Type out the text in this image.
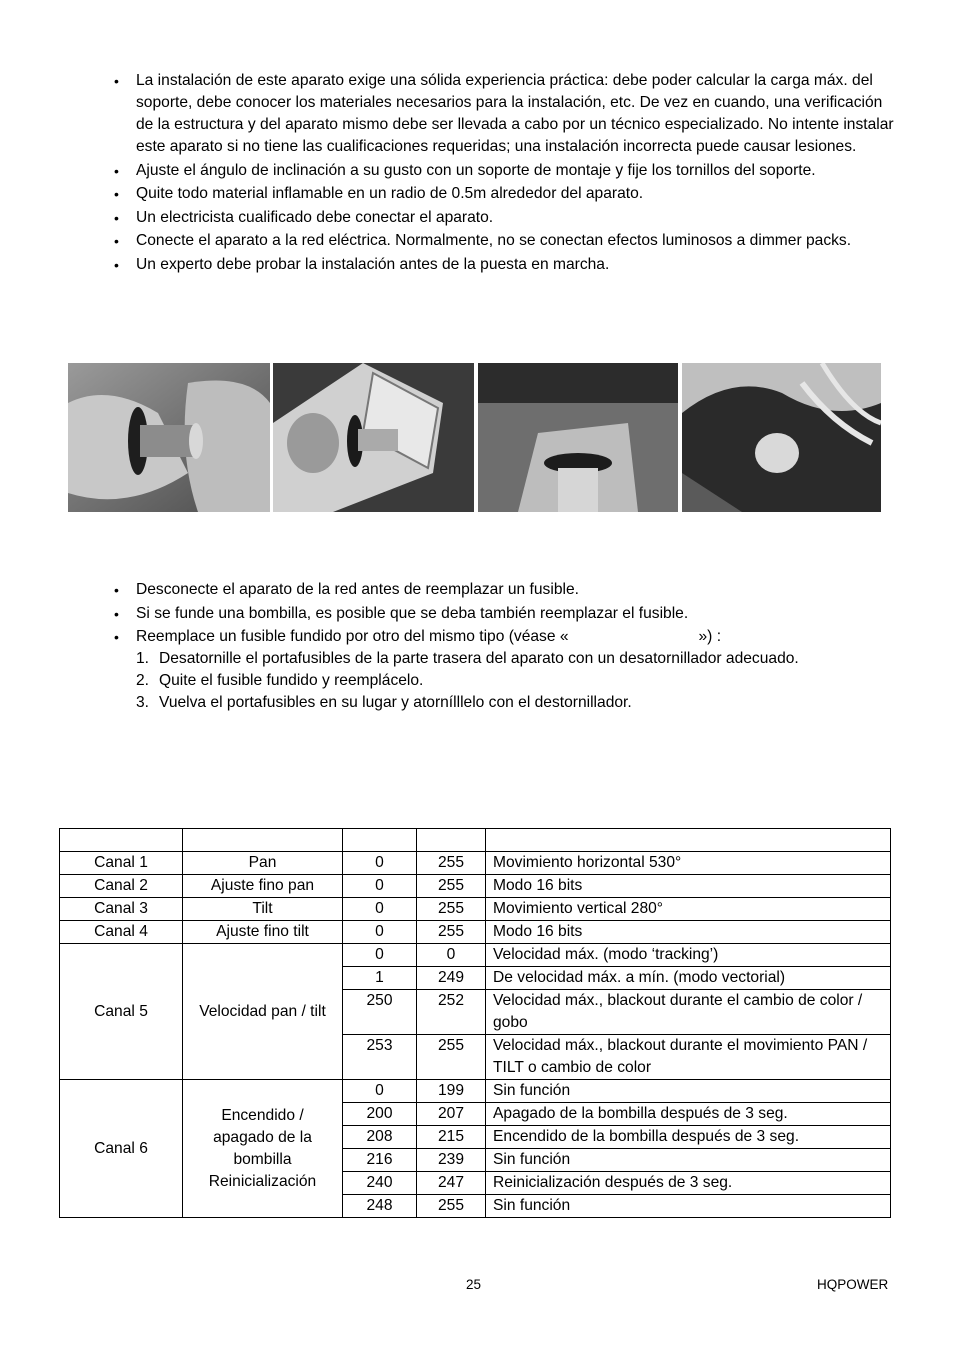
• La instalación de este aparato exige una sólida experiencia práctica: debe poder calcular la carga máx. del soporte, debe conocer los materiales necesarios para la instalación, etc. De vez en cuando, una verificación de la estructura y del aparato mismo debe ser llevada a cabo por un técnico especializado. No intente instalar este aparato si no tiene las cualificaciones requeridas; una instalación incorrecta puede causar lesiones.
• Ajuste el ángulo de inclinación a su gusto con un soporte de montaje y fije los tornillos del soporte.
• Quite todo material inflamable en un radio de 0.5m alrededor del aparato.
• Un electricista cualificado debe conectar el aparato.
• Conecte el aparato a la red eléctrica. Normalmente, no se conectan efectos luminosos a dimmer packs.
• Un experto debe probar la instalación antes de la puesta en marcha.
• Desconecte el aparato de la red antes de reemplazar un fusible.
• Si se funde una bombilla, es posible que se deba también reemplazar el fusible.
• Reemplace un fusible fundido por otro del mismo tipo (véase «                              ») :
1. Desatornille el portafusibles de la parte trasera del aparato con un desatornillador adecuado.
2. Quite el fusible fundido y reemplácelo.
3. Vuelva el portafusibles en su lugar y atornílllelo con el destornillador.

Canal 1	Pan	0	255	Movimiento horizontal 530°
Canal 2	Ajuste fino pan	0	255	Modo 16 bits
Canal 3	Tilt	0	255	Movimiento vertical 280°
Canal 4	Ajuste fino tilt	0	255	Modo 16 bits
Canal 5	Velocidad pan / tilt	0	0	Velocidad máx. (modo ‘tracking’)
		1	249	De velocidad máx. a mín. (modo vectorial)
		250	252	Velocidad máx., blackout durante el cambio de color / gobo
		253	255	Velocidad máx., blackout durante el movimiento PAN / TILT o cambio de color
Canal 6	Encendido /
apagado de la
bombilla
Reinicialización	0	199	Sin función
		200	207	Apagado de la bombilla después de 3 seg.
		208	215	Encendido de la bombilla después de 3 seg.
		216	239	Sin función
		240	247	Reinicialización después de 3 seg.
		248	255	Sin función
25	HQPOWER
